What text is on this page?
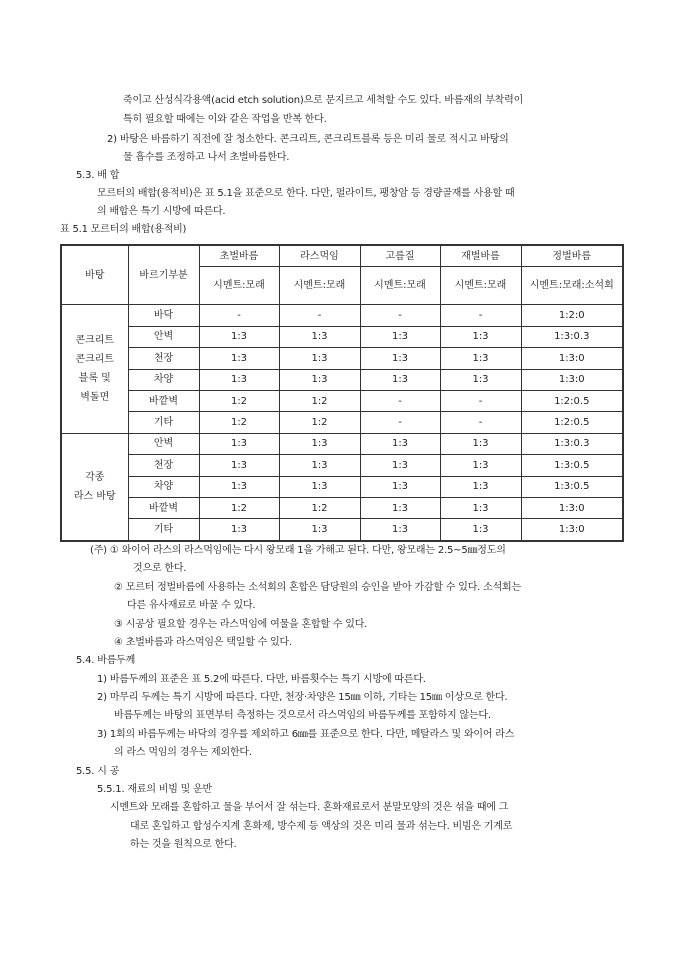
죽이고 산성식각용액(acid etch solution)으로 문지르고 세척할 수도 있다. 바름재의 부착력이
특히 필요할 때에는 이와 같은 작업을 반복 한다.
2) 바탕은 바름하기 직전에 잘 청소한다. 콘크리트, 콘크리트블록 등은 미리 물로 적시고 바탕의
물 흡수를 조정하고 나서 초벌바름한다.
5.3. 배 합
모르터의 배합(용적비)은 표 5.1을 표준으로 한다. 다만, 펄라이트, 팽창암 등 경량골재를 사용할 때
의 배합은 특기 시방에 따른다.
표 5.1 모르터의 배합(용적비)
바탕	바르기부분	초벌바름	라스먹임	고름질	재벌바름	정벌바름
		시멘트:모래	시멘트:모래	시멘트:모래	시멘트:모래	시멘트:모래:소석회

콘크리트
콘크리트
블록 및
벽돌면	바닥	-	-	-	-	1:2:0
	안벽	1:3	1:3	1:3	1:3	1:3:0.3
	천장	1:3	1:3	1:3	1:3	1:3:0
	차양	1:3	1:3	1:3	1:3	1:3:0
	바깥벽	1:2	1:2	-	-	1:2:0.5
	기타	1:2	1:2	-	-	1:2:0.5

각종
라스 바탕	안벽	1:3	1:3	1:3	1:3	1:3:0.3
	천장	1:3	1:3	1:3	1:3	1:3:0.5
	차양	1:3	1:3	1:3	1:3	1:3:0.5
	바깥벽	1:2	1:2	1:3	1:3	1:3:0
	기타	1:3	1:3	1:3	1:3	1:3:0
(주) ① 와이어 라스의 라스먹임에는 다시 왕모래 1을 가해고 된다. 다만, 왕모래는 2.5~5㎜정도의
것으로 한다.
② 모르터 정벌바름에 사용하는 소석회의 혼합은 담당원의 승인을 받아 가감할 수 있다. 소석회는
다른 유사재료로 바꿀 수 있다.
③ 시공상 필요할 경우는 라스먹임에 여물을 혼합할 수 있다.
④ 초벌바름과 라스먹임은 택일할 수 있다.
5.4. 바름두께
1) 바름두께의 표준은 표 5.2에 따른다. 다만, 바름횟수는 특기 시방에 따른다.
2) 마무리 두께는 특기 시방에 따른다. 다만, 천장·차양은 15㎜ 이하, 기타는 15㎜ 이상으로 한다.
바름두께는 바탕의 표면부터 측정하는 것으로서 라스먹임의 바름두께를 포함하지 않는다.
3) 1회의 바름두께는 바닥의 경우를 제외하고 6㎜를 표준으로 한다. 다만, 메탈라스 및 와이어 라스
의 라스 먹임의 경우는 제외한다.
5.5. 시 공
5.5.1. 재료의 비빔 및 운반
시멘트와 모래를 혼합하고 물을 부어서 잘 섞는다. 혼화재료로서 분말모양의 것은 섞을 때에 그
대로 혼입하고 합성수지계 혼화제, 방수제 등 액상의 것은 미리 물과 섞는다. 비빔은 기계로
하는 것을 원칙으로 한다.
